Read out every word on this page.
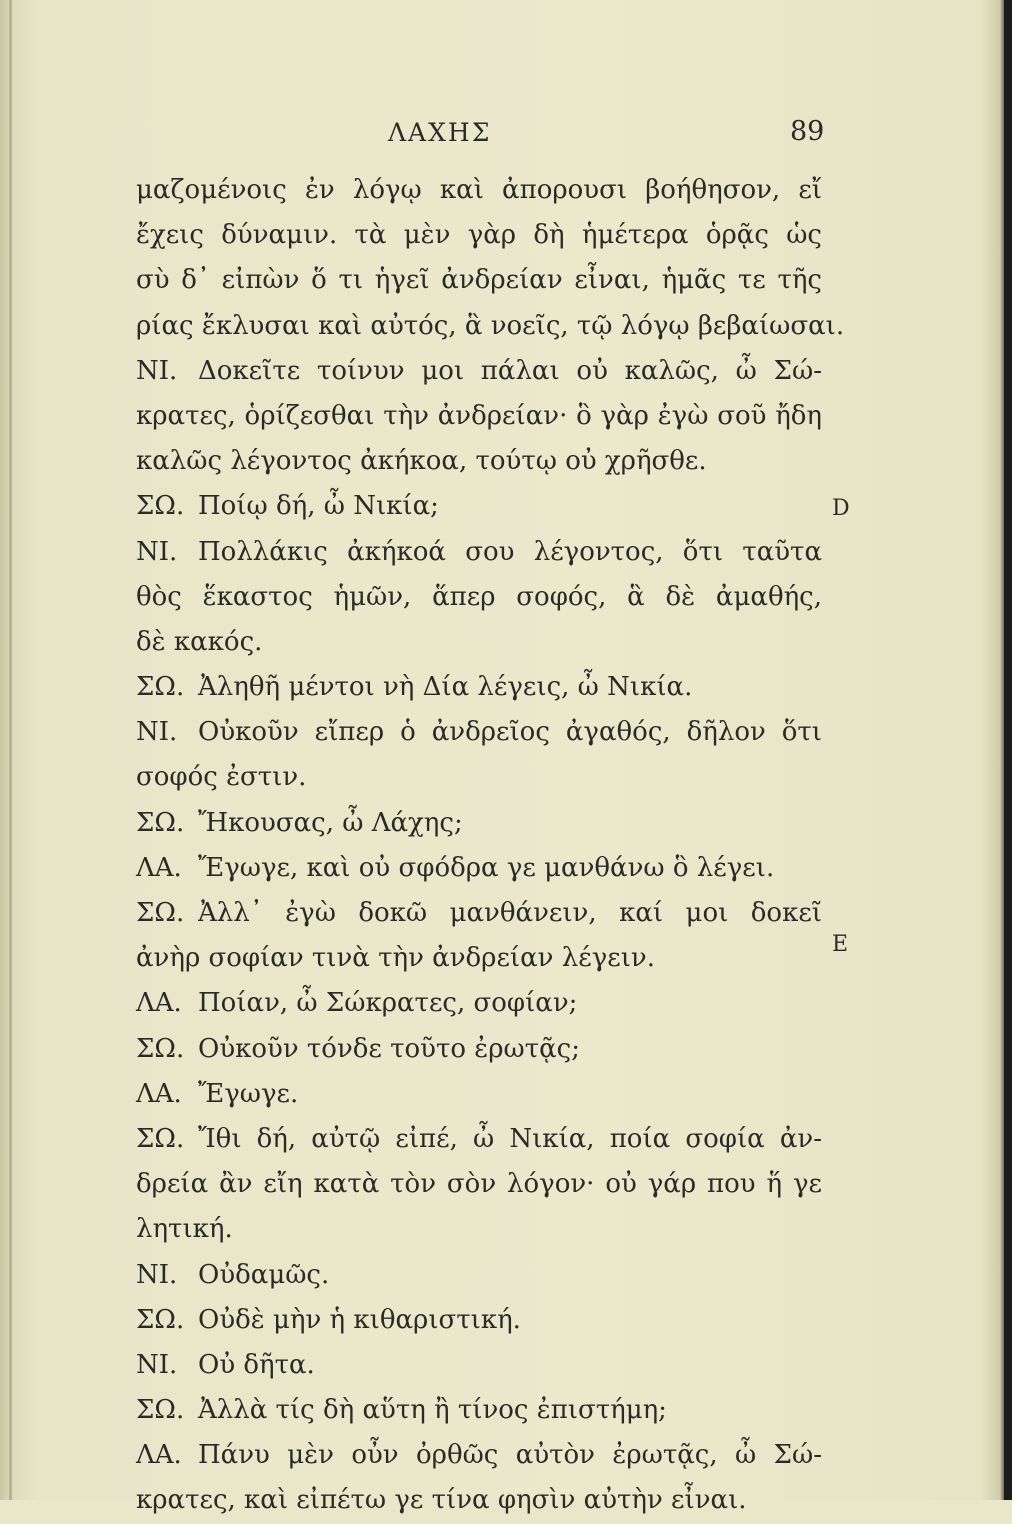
ΛΑΧΗΣ	89
D
E
μαζομένοις ἐν λόγῳ καὶ ἀπορουσι βοήθησον, εἴ
ἔχεις δύναμιν. τὰ μὲν γὰρ δὴ ἡμέτερα ὁρᾷς ὡς
σὺ δ᾽ εἰπὼν ὅ τι ἡγεῖ ἀνδρείαν εἶναι, ἡμᾶς τε τῆς
ρίας ἔκλυσαι καὶ αὐτός, ἃ νοεῖς, τῷ λόγῳ βεβαίωσαι.
ΝΙ. Δοκεῖτε τοίνυν μοι πάλαι οὐ καλῶς, ὦ Σώ-
κρατες, ὁρίζεσθαι τὴν ἀνδρείαν· ὃ γὰρ ἐγὼ σοῦ ἤδη
καλῶς λέγοντος ἀκήκοα, τούτῳ οὐ χρῆσθε.
ΣΩ. Ποίῳ δή, ὦ Νικία;
ΝΙ. Πολλάκις ἀκήκοά σου λέγοντος, ὅτι ταῦτα
θὸς ἕκαστος ἡμῶν, ἅπερ σοφός, ἃ δὲ ἀμαθής,
δὲ κακός.
ΣΩ. Ἀληθῆ μέντοι νὴ Δία λέγεις, ὦ Νικία.
ΝΙ. Οὐκοῦν εἴπερ ὁ ἀνδρεῖος ἀγαθός, δῆλον ὅτι
σοφός ἐστιν.
ΣΩ. Ἤκουσας, ὦ Λάχης;
ΛΑ. Ἔγωγε, καὶ οὐ σφόδρα γε μανθάνω ὃ λέγει.
ΣΩ. Ἀλλ᾽ ἐγὼ δοκῶ μανθάνειν, καί μοι δοκεῖ
ἀνὴρ σοφίαν τινὰ τὴν ἀνδρείαν λέγειν.
ΛΑ. Ποίαν, ὦ Σώκρατες, σοφίαν;
ΣΩ. Οὐκοῦν τόνδε τοῦτο ἐρωτᾷς;
ΛΑ. Ἔγωγε.
ΣΩ. Ἴθι δή, αὐτῷ εἰπέ, ὦ Νικία, ποία σοφία ἀν-
δρεία ἂν εἴη κατὰ τὸν σὸν λόγον· οὐ γάρ που ἥ γε
λητική.
ΝΙ. Οὐδαμῶς.
ΣΩ. Οὐδὲ μὴν ἡ κιθαριστική.
ΝΙ. Οὐ δῆτα.
ΣΩ. Ἀλλὰ τίς δὴ αὕτη ἢ τίνος ἐπιστήμη;
ΛΑ. Πάνυ μὲν οὖν ὀρθῶς αὐτὸν ἐρωτᾷς, ὦ Σώ-
κρατες, καὶ εἰπέτω γε τίνα φησὶν αὐτὴν εἶναι.
